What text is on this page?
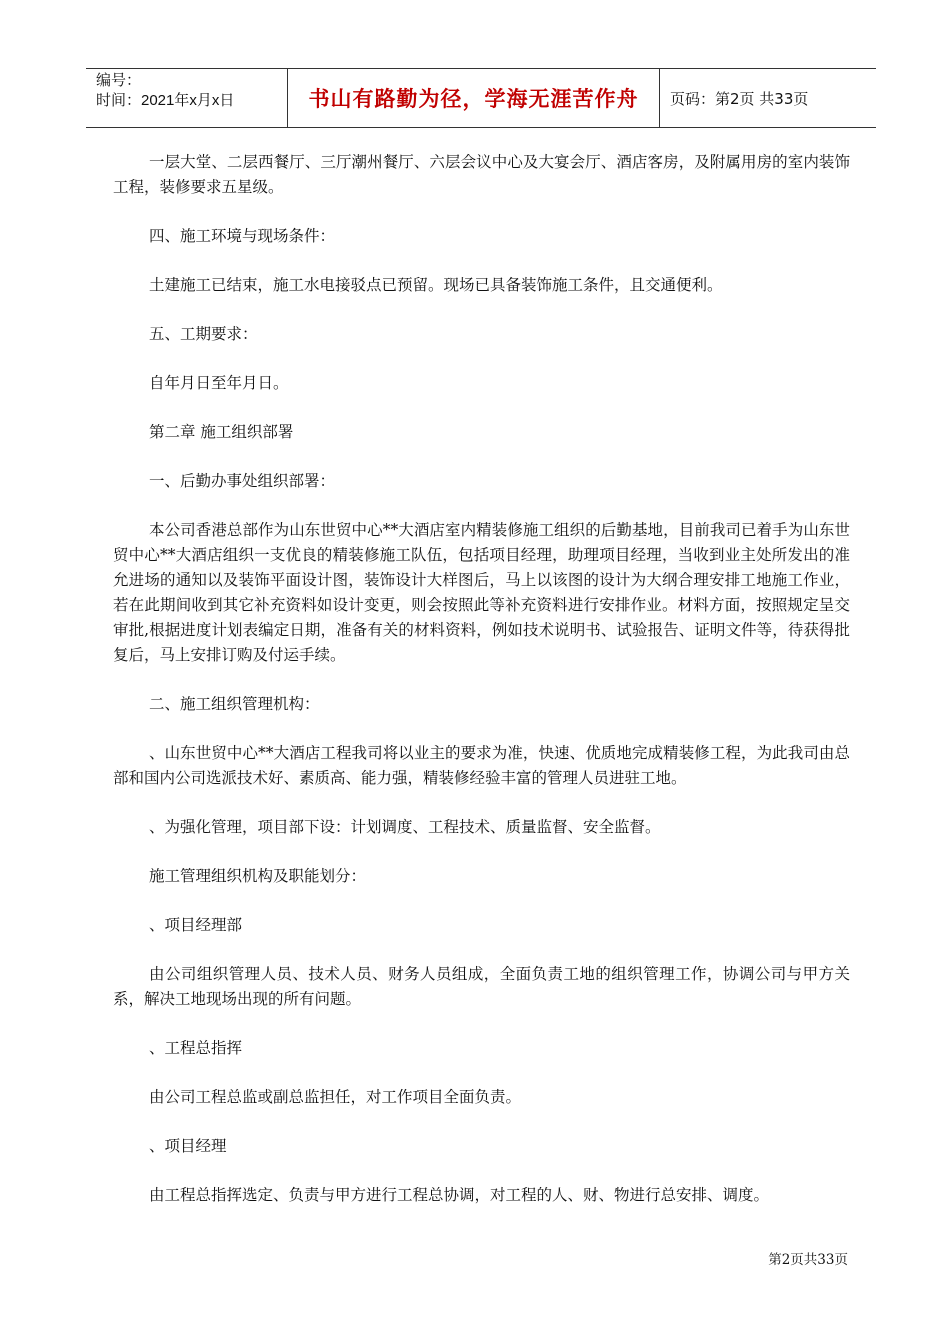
编号：
时间：2021年x月x日	书山有路勤为径，学海无涯苦作舟	页码：第2页 共33页

一层大堂、二层西餐厅、三厅潮州餐厅、六层会议中心及大宴会厅、酒店客房，及附属用房的室内装饰工程，装修要求五星级。

四、施工环境与现场条件：

土建施工已结束，施工水电接驳点已预留。现场已具备装饰施工条件，且交通便利。

五、工期要求：

自年月日至年月日。

第二章 施工组织部署

一、后勤办事处组织部署：

本公司香港总部作为山东世贸中心**大酒店室内精装修施工组织的后勤基地，目前我司已着手为山东世贸中心**大酒店组织一支优良的精装修施工队伍，包括项目经理，助理项目经理，当收到业主处所发出的准允进场的通知以及装饰平面设计图，装饰设计大样图后，马上以该图的设计为大纲合理安排工地施工作业，若在此期间收到其它补充资料如设计变更，则会按照此等补充资料进行安排作业。材料方面，按照规定呈交审批,根据进度计划表编定日期，准备有关的材料资料，例如技术说明书、试验报告、证明文件等，待获得批复后，马上安排订购及付运手续。

二、施工组织管理机构：

、山东世贸中心**大酒店工程我司将以业主的要求为准，快速、优质地完成精装修工程，为此我司由总部和国内公司选派技术好、素质高、能力强，精装修经验丰富的管理人员进驻工地。

、为强化管理，项目部下设：计划调度、工程技术、质量监督、安全监督。

施工管理组织机构及职能划分：

、项目经理部

由公司组织管理人员、技术人员、财务人员组成，全面负责工地的组织管理工作，协调公司与甲方关系，解决工地现场出现的所有问题。

、工程总指挥

由公司工程总监或副总监担任，对工作项目全面负责。

、项目经理

由工程总指挥选定、负责与甲方进行工程总协调，对工程的人、财、物进行总安排、调度。

第2页共33页
